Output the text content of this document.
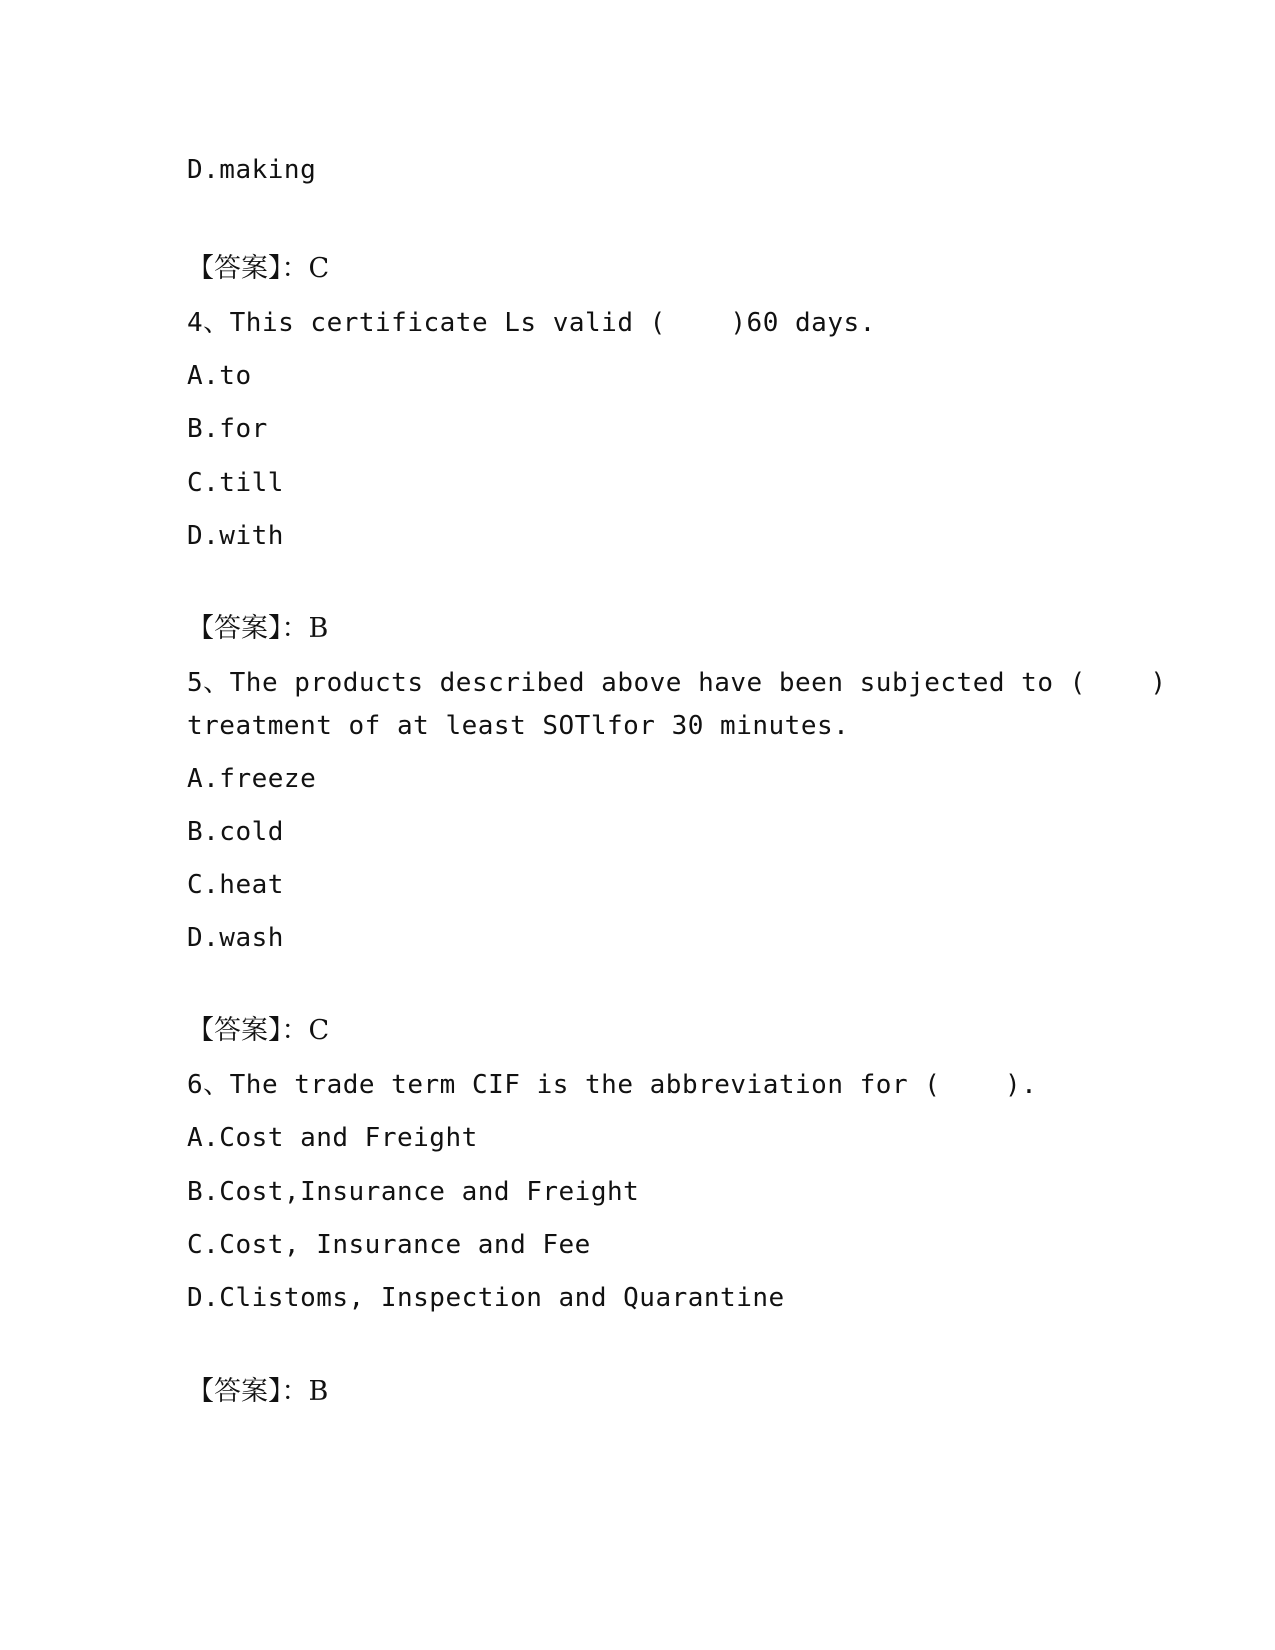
D.making
【答案】：C
4、This certificate Ls valid (    )60 days.
A.to
B.for
C.till
D.with
【答案】：B
5、The products described above have been subjected to (    )
treatment of at least SOTlfor 30 minutes.
A.freeze
B.cold
C.heat
D.wash
【答案】：C
6、The trade term CIF is the abbreviation for (    ).
A.Cost and Freight
B.Cost,Insurance and Freight
C.Cost, Insurance and Fee
D.Clistoms, Inspection and Quarantine
【答案】：B
